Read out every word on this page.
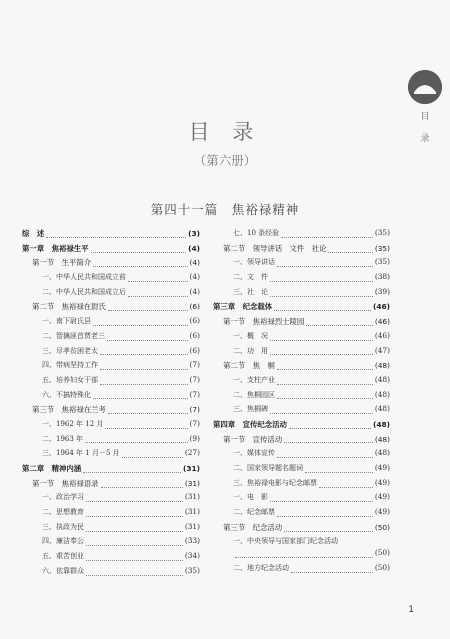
目
录
目 录
（第六册）
第四十一篇　焦裕禄精神
综　述	(3)
第一章　焦裕禄生平	(4)
第一节　生平简介	(4)
一、中华人民共和国成立前	(4)
二、中华人民共和国成立后	(4)
第二节　焦裕禄在尉氏	(6)
一、南下尉氏县	(6)
二、智擒匪首贾老三	(6)
三、尽孝贫困老太	(6)
四、带病坚持工作	(7)
五、培养妇女干部	(7)
六、不搞特殊化	(7)
第三节　焦裕禄在兰考	(7)
一、1962 年 12 月	(7)
二、1963 年	(9)
三、1964 年 1 月－5 月	(27)
第二章　精神内涵	(31)
第一节　焦裕禄语录	(31)
一、政治学习	(31)
二、思想教育	(31)
三、执政为民	(31)
四、廉洁奉公	(33)
五、艰苦创业	(34)
六、依靠群众	(35)
七、10 条经验	(35)
第二节　领导讲话　文件　社论	(35)
一、领导讲话	(35)
二、文　件	(38)
三、社　论	(39)
第三章　纪念载体	(46)
第一节　焦裕禄烈士陵园	(46)
一、概　况	(46)
二、功　用	(47)
第二节　焦　桐	(48)
一、支柱产业	(48)
二、焦桐园区	(48)
三、焦桐碑	(48)
第四章　宣传纪念活动	(48)
第一节　宣传活动	(48)
一、媒体宣传	(48)
二、国家领导题名题词	(49)
三、焦裕禄电影与纪念邮票	(49)
一、电　影	(49)
二、纪念邮票	(49)
第三节　纪念活动	(50)
一、中央领导与国家部门纪念活动
(50)
二、地方纪念活动	(50)
1
